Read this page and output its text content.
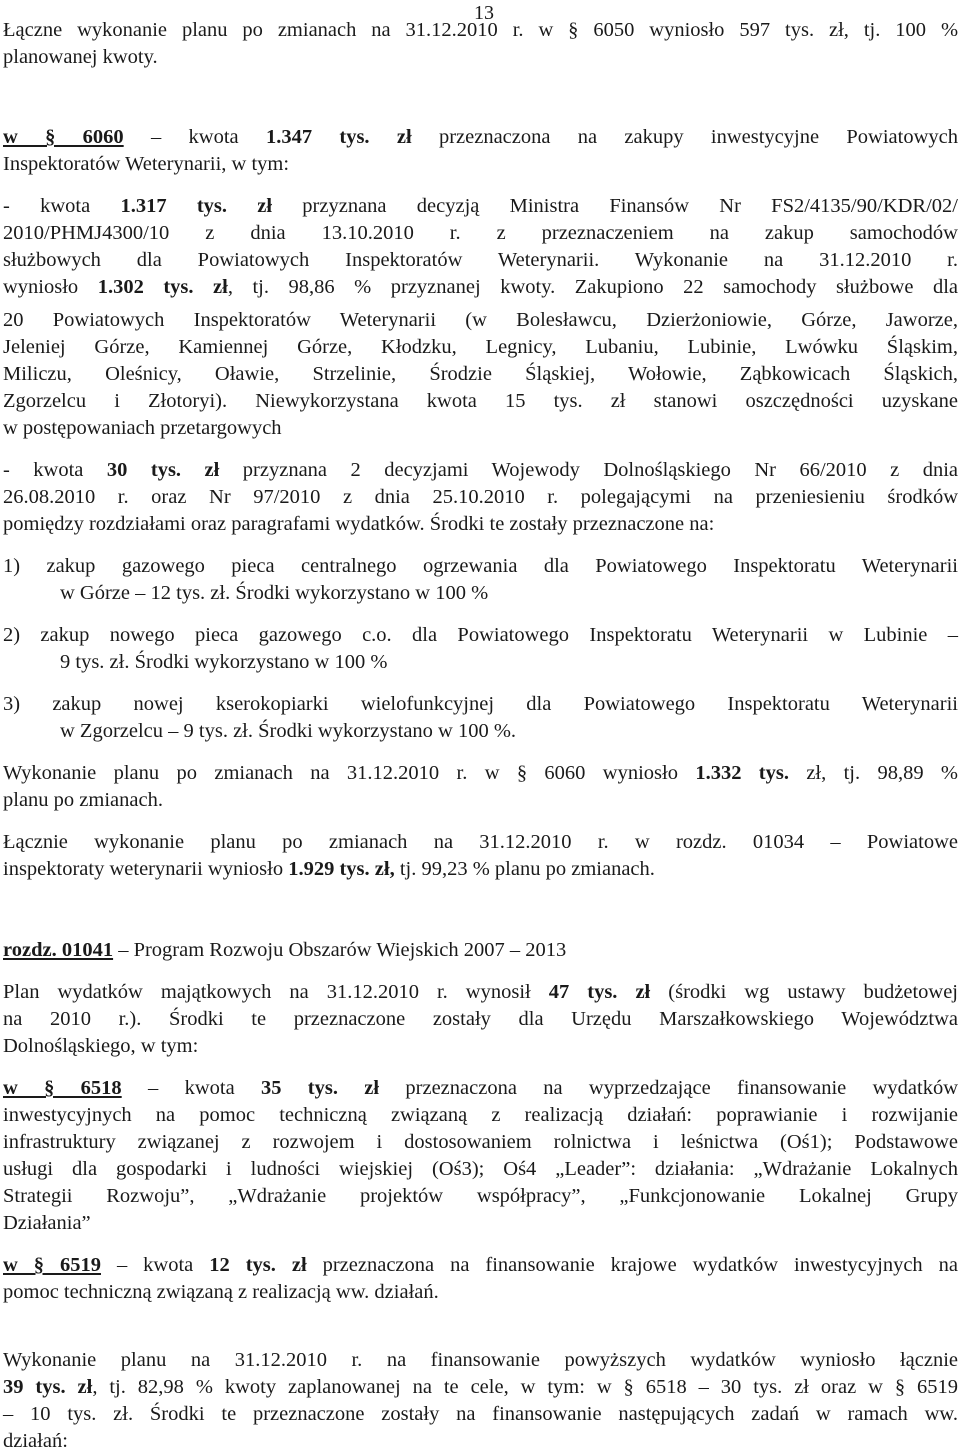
13
Łączne wykonanie planu po zmianach na 31.12.2010 r. w § 6050 wyniosło 597 tys. zł, tj. 100 %
planowanej kwoty.
w § 6060 – kwota 1.347 tys. zł przeznaczona na zakupy inwestycyjne Powiatowych
Inspektoratów Weterynarii, w tym:
- kwota 1.317 tys. zł przyznana decyzją Ministra Finansów Nr FS2/4135/90/KDR/02/
2010/PHMJ4300/10 z dnia 13.10.2010 r. z przeznaczeniem na zakup samochodów
służbowych dla Powiatowych Inspektoratów Weterynarii. Wykonanie na 31.12.2010 r.
wyniosło 1.302 tys. zł, tj. 98,86 % przyznanej kwoty. Zakupiono 22 samochody służbowe dla
20 Powiatowych Inspektoratów Weterynarii (w Bolesławcu, Dzierżoniowie, Górze, Jaworze,
Jeleniej Górze, Kamiennej Górze, Kłodzku, Legnicy, Lubaniu, Lubinie, Lwówku Śląskim,
Miliczu, Oleśnicy, Oławie, Strzelinie, Środzie Śląskiej, Wołowie, Ząbkowicach Śląskich,
Zgorzelcu i Złotoryi). Niewykorzystana kwota 15 tys. zł stanowi oszczędności uzyskane
w postępowaniach przetargowych
- kwota 30 tys. zł przyznana 2 decyzjami Wojewody Dolnośląskiego Nr 66/2010 z dnia
26.08.2010 r. oraz Nr 97/2010 z dnia 25.10.2010 r. polegającymi na przeniesieniu środków
pomiędzy rozdziałami oraz paragrafami wydatków. Środki te zostały przeznaczone na:
1) zakup gazowego pieca centralnego ogrzewania dla Powiatowego Inspektoratu Weterynarii
w Górze – 12 tys. zł. Środki wykorzystano w 100 %
2) zakup nowego pieca gazowego c.o. dla Powiatowego Inspektoratu Weterynarii w Lubinie –
9 tys. zł. Środki wykorzystano w 100 %
3) zakup nowej kserokopiarki wielofunkcyjnej dla Powiatowego Inspektoratu Weterynarii
w Zgorzelcu – 9 tys. zł. Środki wykorzystano w 100 %.
Wykonanie planu po zmianach na 31.12.2010 r. w § 6060 wyniosło 1.332 tys. zł, tj. 98,89 %
planu po zmianach.
Łącznie wykonanie planu po zmianach na 31.12.2010 r. w rozdz. 01034 – Powiatowe
inspektoraty weterynarii wyniosło 1.929 tys. zł, tj. 99,23 % planu po zmianach.
rozdz. 01041 – Program Rozwoju Obszarów Wiejskich 2007 – 2013
Plan wydatków majątkowych na 31.12.2010 r. wynosił 47 tys. zł (środki wg ustawy budżetowej
na 2010 r.). Środki te przeznaczone zostały dla Urzędu Marszałkowskiego Województwa
Dolnośląskiego, w tym:
w § 6518 – kwota 35 tys. zł przeznaczona na wyprzedzające finansowanie wydatków
inwestycyjnych na pomoc techniczną związaną z realizacją działań: poprawianie i rozwijanie
infrastruktury związanej z rozwojem i dostosowaniem rolnictwa i leśnictwa (Oś1); Podstawowe
usługi dla gospodarki i ludności wiejskiej (Oś3); Oś4 „Leader”: działania: „Wdrażanie Lokalnych
Strategii Rozwoju”, „Wdrażanie projektów współpracy”, „Funkcjonowanie Lokalnej Grupy
Działania”
w § 6519 – kwota 12 tys. zł przeznaczona na finansowanie krajowe wydatków inwestycyjnych na
pomoc techniczną związaną z realizacją ww. działań.
Wykonanie planu na 31.12.2010 r. na finansowanie powyższych wydatków wyniosło łącznie
39 tys. zł, tj. 82,98 % kwoty zaplanowanej na te cele, w tym: w § 6518 – 30 tys. zł oraz w § 6519
– 10 tys. zł. Środki te przeznaczone zostały na finansowanie następujących zadań w ramach ww.
działań:
